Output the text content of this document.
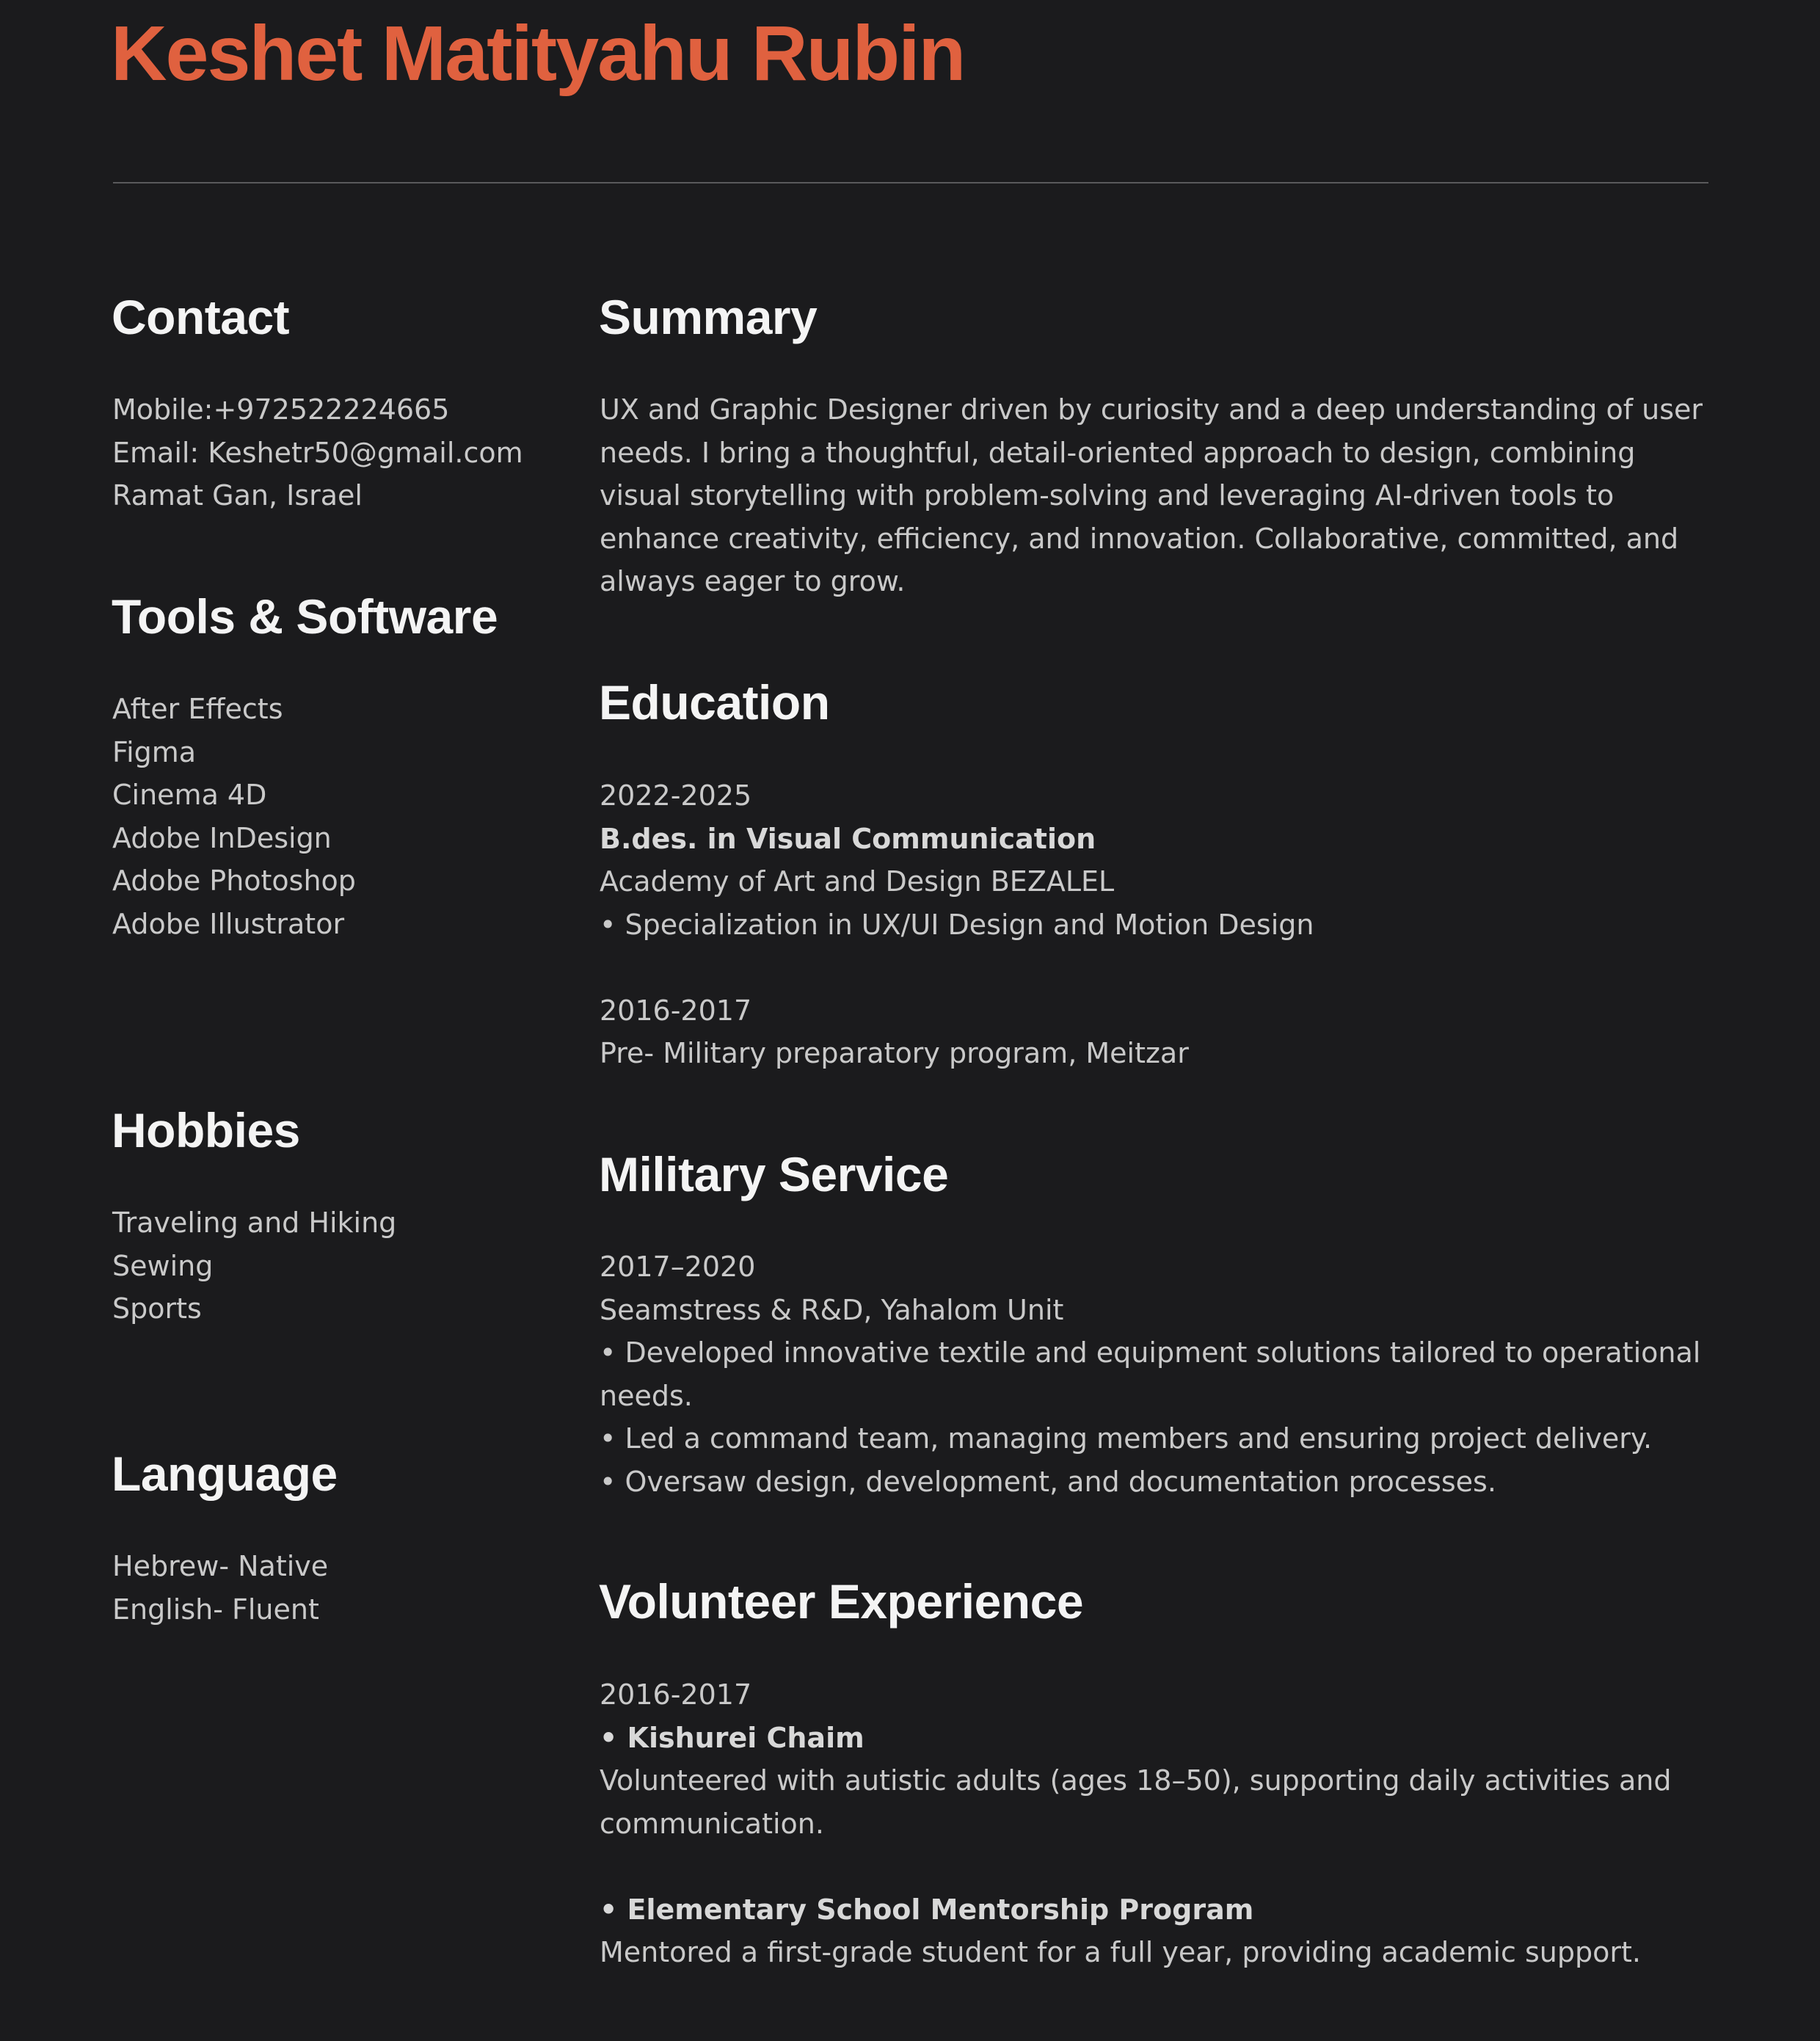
Keshet Matityahu Rubin
Contact
Mobile:+972522224665
Email: Keshetr50@gmail.com
Ramat Gan, Israel
Tools & Software
After Effects
Figma
Cinema 4D
Adobe InDesign
Adobe Photoshop
Adobe Illustrator
Hobbies
Traveling and Hiking
Sewing
Sports
Language
Hebrew- Native
English- Fluent
Summary
UX and Graphic Designer driven by curiosity and a deep understanding of user
needs. I bring a thoughtful, detail-oriented approach to design, combining
visual storytelling with problem-solving and leveraging AI-driven tools to
enhance creativity, efficiency, and innovation. Collaborative, committed, and
always eager to grow.
Education
2022-2025
B.des. in Visual Communication
Academy of Art and Design BEZALEL
• Specialization in UX/UI Design and Motion Design
2016-2017
Pre- Military preparatory program, Meitzar
Military Service
2017–2020
Seamstress & R&D, Yahalom Unit
• Developed innovative textile and equipment solutions tailored to operational
needs.
• Led a command team, managing members and ensuring project delivery.
• Oversaw design, development, and documentation processes.
Volunteer Experience
2016-2017
• Kishurei Chaim
Volunteered with autistic adults (ages 18–50), supporting daily activities and
communication.
• Elementary School Mentorship Program
Mentored a first-grade student for a full year, providing academic support.
